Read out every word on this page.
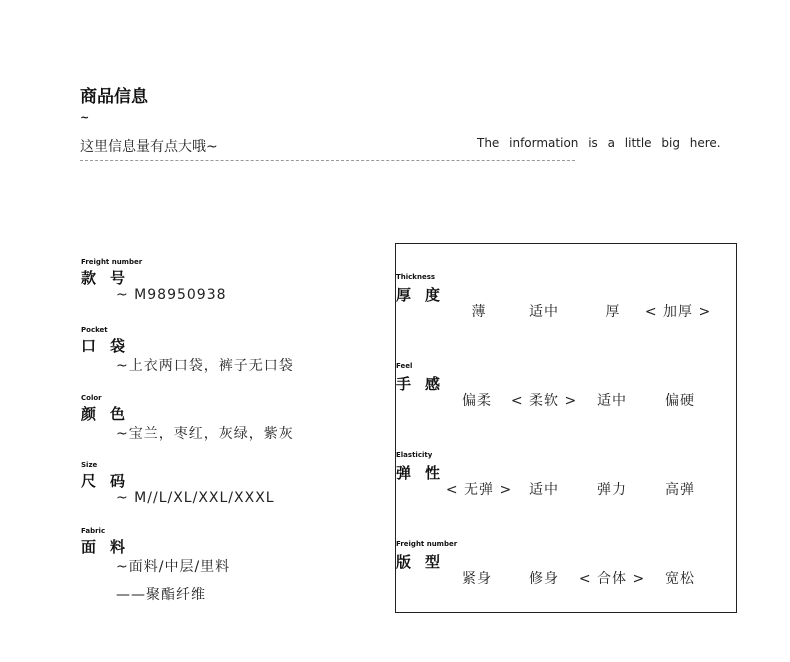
商品信息
~
这里信息量有点大哦~	The information is a little big here.
Freight number
款号
~ M98950938
Pocket
口袋
~上衣两口袋，裤子无口袋
Color
颜色
~宝兰，枣红，灰绿，紫灰
Size
尺码
~ M//L/XL/XXL/XXXL
Fabric
面料
~面料/中层/里料
——聚酯纤维
Thickness
厚度
薄	适中	厚	< 加厚 >
Feel
手感
偏柔	< 柔软 >	适中	偏硬
Elasticity
弹性
< 无弹 >	适中	弹力	高弹
Freight number
版型
紧身	修身	< 合体 >	宽松
